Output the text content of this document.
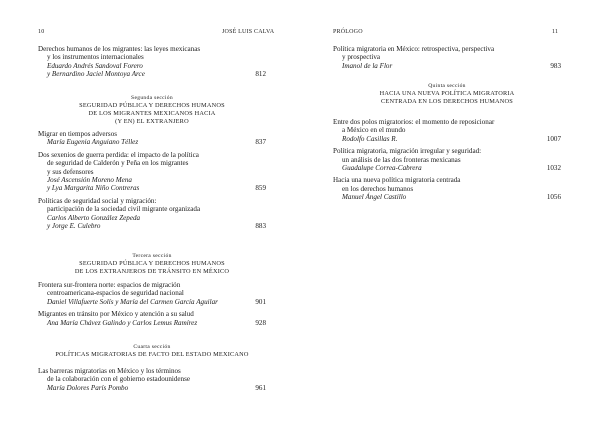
10	JOSÉ LUIS CALVA
Derechos humanos de los migrantes: las leyes mexicanas
y los instrumentos internacionales
Eduardo Andrés Sandoval Forero
y Bernardino Jaciel Montoya Arce	812
Segunda sección
SEGURIDAD PÚBLICA Y DERECHOS HUMANOS
DE LOS MIGRANTES MEXICANOS HACIA
(Y EN) EL EXTRANJERO
Migrar en tiempos adversos
María Eugenia Anguiano Téllez	837
Dos sexenios de guerra perdida: el impacto de la política
de seguridad de Calderón y Peña en los migrantes
y sus defensores
José Ascensión Moreno Mena
y Lya Margarita Niño Contreras	859
Políticas de seguridad social y migración:
participación de la sociedad civil migrante organizada
Carlos Alberto González Zepeda
y Jorge E. Culebro	883
Tercera sección
SEGURIDAD PÚBLICA Y DERECHOS HUMANOS
DE LOS EXTRANJEROS DE TRÁNSITO EN MÉXICO
Frontera sur-frontera norte: espacios de migración
centroamericana-espacios de seguridad nacional
Daniel Villafuerte Solís y María del Carmen García Aguilar	901
Migrantes en tránsito por México y atención a su salud
Ana María Chávez Galindo y Carlos Lemus Ramírez	928
Cuarta sección
POLÍTICAS MIGRATORIAS DE FACTO DEL ESTADO MEXICANO
Las barreras migratorias en México y los términos
de la colaboración con el gobierno estadounidense
María Dolores París Pombo	961
PRÓLOGO	11
Política migratoria en México: retrospectiva, perspectiva
y prospectiva
Imanol de la Flor	983
Quinta sección
HACIA UNA NUEVA POLÍTICA MIGRATORIA
CENTRADA EN LOS DERECHOS HUMANOS
Entre dos polos migratorios: el momento de reposicionar
a México en el mundo
Rodolfo Casillas R.	1007
Política migratoria, migración irregular y seguridad:
un análisis de las dos fronteras mexicanas
Guadalupe Correa-Cabrera	1032
Hacia una nueva política migratoria centrada
en los derechos humanos
Manuel Ángel Castillo	1056
